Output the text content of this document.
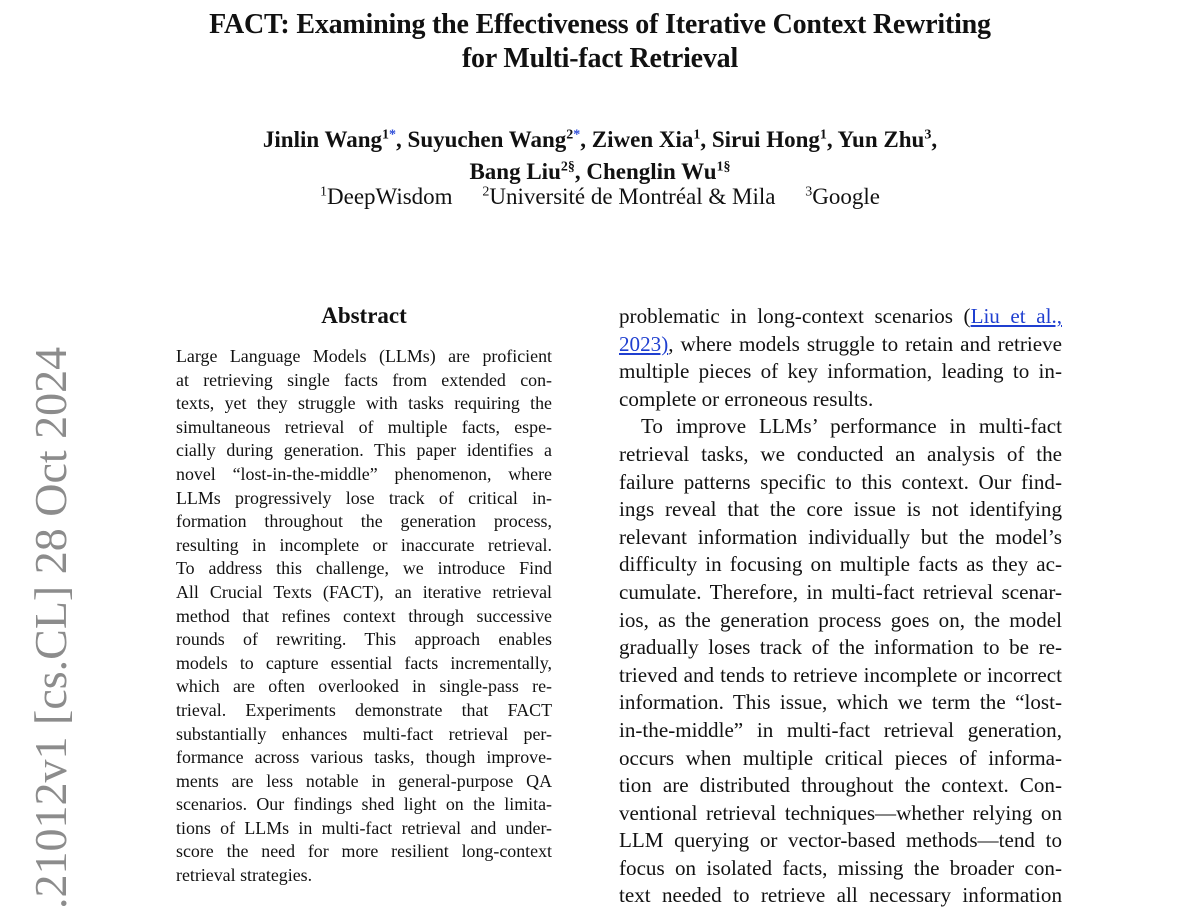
FACT: Examining the Effectiveness of Iterative Context Rewriting
for Multi-fact Retrieval
Jinlin Wang$^{1*}$, Suyuchen Wang$^{2*}$, Ziwen Xia$^1$, Sirui Hong$^1$, Yun Zhu$^3$,
Bang Liu$^{2\S}$, Chenglin $Wu^{1\S}$
$^1$DeepWisdom $^2$Université de Montréal & Mila $^3$Google
.21012v1 [cs.CL] 28 Oct 2024
Abstract
Large Language Models (LLMs) are proficient
at retrieving single facts from extended con-
texts, yet they struggle with tasks requiring the
simultaneous retrieval of multiple facts, espe-
cially during generation. This paper identifies a
novel “lost-in-the-middle” phenomenon, where
LLMs progressively lose track of critical in-
formation throughout the generation process,
resulting in incomplete or inaccurate retrieval.
To address this challenge, we introduce Find
All Crucial Texts (FACT), an iterative retrieval
method that refines context through successive
rounds of rewriting. This approach enables
models to capture essential facts incrementally,
which are often overlooked in single-pass re-
trieval. Experiments demonstrate that FACT
substantially enhances multi-fact retrieval per-
formance across various tasks, though improve-
ments are less notable in general-purpose QA
scenarios. Our findings shed light on the limita-
tions of LLMs in multi-fact retrieval and under-
score the need for more resilient long-context
retrieval strategies.
problematic in long-context scenarios (Liu et al.,
2023), where models struggle to retain and retrieve
multiple pieces of key information, leading to in-
complete or erroneous results.
To improve LLMs’ performance in multi-fact
retrieval tasks, we conducted an analysis of the
failure patterns specific to this context. Our find-
ings reveal that the core issue is not identifying
relevant information individually but the model’s
difficulty in focusing on multiple facts as they ac-
cumulate. Therefore, in multi-fact retrieval scenar-
ios, as the generation process goes on, the model
gradually loses track of the information to be re-
trieved and tends to retrieve incomplete or incorrect
information. This issue, which we term the “lost-
in-the-middle” in multi-fact retrieval generation,
occurs when multiple critical pieces of informa-
tion are distributed throughout the context. Con-
ventional retrieval techniques—whether relying on
LLM querying or vector-based methods—tend to
focus on isolated facts, missing the broader con-
text needed to retrieve all necessary information
